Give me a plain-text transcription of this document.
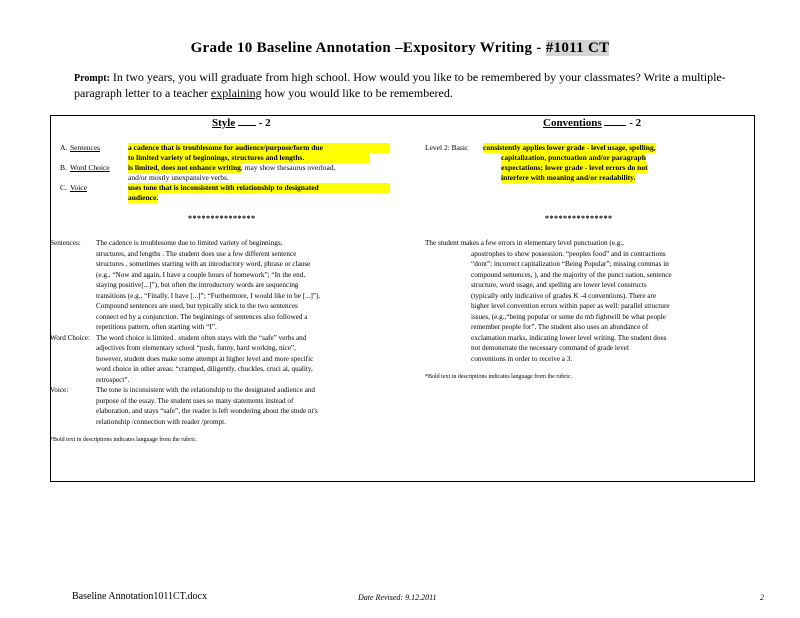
Grade 10 Baseline Annotation –Expository Writing - #1011 CT
Prompt: In two years, you will graduate from high school. How would you like to be remembered by your classmates? Write a multiple-
paragraph letter to a teacher explaining how you would like to be remembered.
Style - 2	Conventions	- 2
A. Sentences	a cadence that is troublesome for audience/purpose/form due
to limited variety of beginnings, structures and lengths.
B. Word Choice	is limited, does not enhance writing , may show thesaurus overload,
and/or mostly unexpansive verbs.
C. Voice	uses tone that is inconsistent with relationship to designated
audience.
***************
Level 2: Basic	consistently applies lower grade - level usage, spelling,
capitalization, punctuation and/or paragraph
expectations; lower grade - level errors do not
interfere with meaning and/or readability.
***************
Sentences:	The cadence is troublesome due to limited variety of beginnings,
structures, and lengths . The student does use a few different sentence
structures , sometimes starting with an introductory word, phrase or clause
(e.g., “Now and again, I have a couple hours of homework”; “In the end,
staying positive[...]”), but often the introductory words are sequencing
transitions (e.g., “Finally, I have [...]”; “Furthermore, I would like to be [...]”).
Compound sentences are used, but typically stick to the two sentences
connect ed by a conjunction. The beginnings of sentences also followed a
repetitious pattern, often starting with “I”.
Word Choice: The word choice is limited . student often stays with the “safe” verbs and
adjectives from elementary school “push, funny, hard working, nice”,
however, student does make some attempt at higher level and more specific
word choice in other areas: “cramped, diligently, chuckles, cruci al, quality,
retrospect”.
Voice:	The tone is inconsistent with the relationship to the designated audience and
purpose of the essay. The student uses so many statements instead of
elaboration, and stays “safe”, the reader is left wondering about the stude nt's
relationship /connection with reader /prompt.
*Bold text in descriptions indicates language from the rubric.
The student makes a few errors in elementary level punctuation (e.g.,
apostrophes to show possession. “peoples food” and in contractions
“dont”; incorrect capitalization “Being Popular”; missing commas in
compound sentences, ), and the majority of the punct uation, sentence
structure, word usage, and spelling are lower level constructs
(typically only indicative of grades K -4 conventions). There are
higher level convention errors within paper as well: parallel structure
issues, (e.g.,“being popular or some du mb fightwill be what people
remember people for”. The student also uses an abundance of
exclamation marks, indicating lower level writing. The student does
not demonstrate the necessary command of grade level
conventions in order to receive a 3.
*Bold text in descriptions indicates language from the rubric.
Baseline Annotation1011CT.docx	Date Revised: 9.12.2011	2
